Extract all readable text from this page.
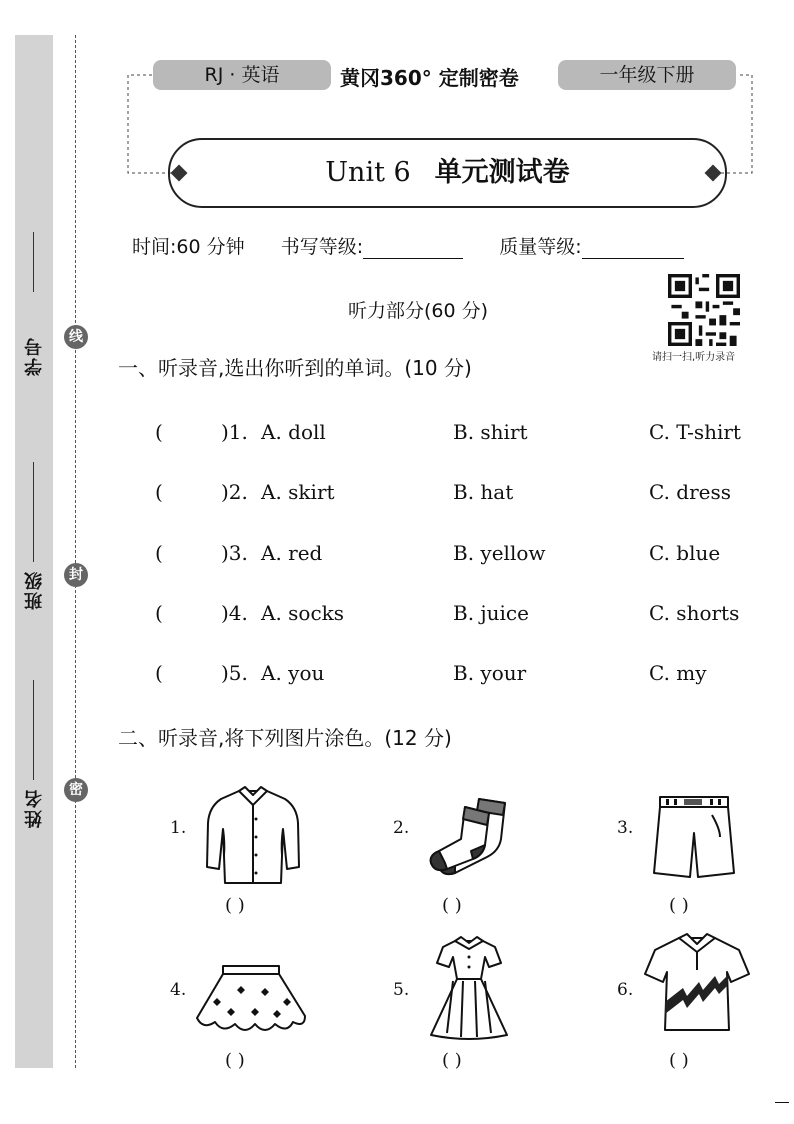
学号
班级
姓名
线
封
密
RJ · 英语	黄冈360° 定制密卷	一年级下册
Unit 6 单元测试卷
时间:60 分钟 书写等级:	质量等级:
听力部分(60 分)
请扫一扫,听力录音
一、听录音,选出你听到的单词。(10 分)
(	)1. A. doll	B. shirt	C. T-shirt
(	)2. A. skirt	B. hat	C. dress
(	)3. A. red	B. yellow	C. blue
(	)4. A. socks	B. juice	C. shorts
(	)5. A. you	B. your	C. my
二、听录音,将下列图片涂色。(12 分)
1.
( )
2.
( )
3.
( )
4.
( )
5.
( )
6.
( )
